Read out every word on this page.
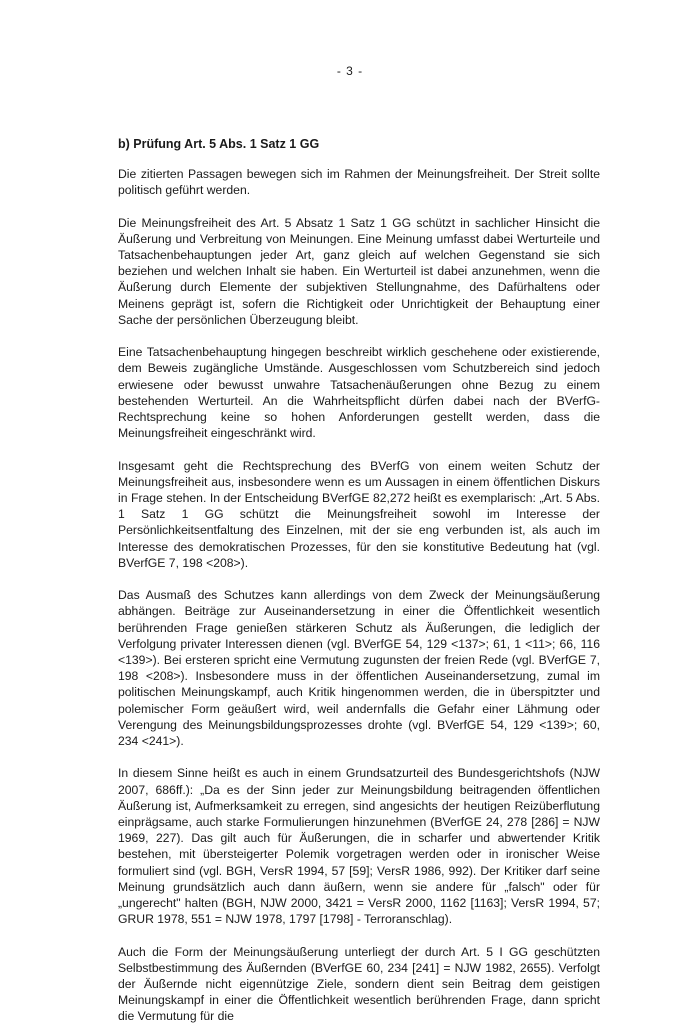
- 3 -
b) Prüfung Art. 5 Abs. 1 Satz 1 GG

Die zitierten Passagen bewegen sich im Rahmen der Meinungsfreiheit. Der Streit sollte politisch geführt werden.

Die Meinungsfreiheit des Art. 5 Absatz 1 Satz 1 GG schützt in sachlicher Hinsicht die Äußerung und Verbreitung von Meinungen. Eine Meinung umfasst dabei Werturteile und Tatsachenbehauptungen jeder Art, ganz gleich auf welchen Gegenstand sie sich beziehen und welchen Inhalt sie haben. Ein Werturteil ist dabei anzunehmen, wenn die Äußerung durch Elemente der subjektiven Stellungnahme, des Dafürhaltens oder Meinens geprägt ist, sofern die Richtigkeit oder Unrichtigkeit der Behauptung einer Sache der persönlichen Überzeugung bleibt.

Eine Tatsachenbehauptung hingegen beschreibt wirklich geschehene oder existierende, dem Beweis zugängliche Umstände. Ausgeschlossen vom Schutzbereich sind jedoch erwiesene oder bewusst unwahre Tatsachenäußerungen ohne Bezug zu einem bestehenden Werturteil. An die Wahrheitspflicht dürfen dabei nach der BVerfG-Rechtsprechung keine so hohen Anforderungen gestellt werden, dass die Meinungsfreiheit eingeschränkt wird.

Insgesamt geht die Rechtsprechung des BVerfG von einem weiten Schutz der Meinungsfreiheit aus, insbesondere wenn es um Aussagen in einem öffentlichen Diskurs in Frage stehen. In der Entscheidung BVerfGE 82,272 heißt es exemplarisch: „Art. 5 Abs. 1 Satz 1 GG schützt die Meinungsfreiheit sowohl im Interesse der Persönlichkeitsentfaltung des Einzelnen, mit der sie eng verbunden ist, als auch im Interesse des demokratischen Prozesses, für den sie konstitutive Bedeutung hat (vgl. BVerfGE 7, 198 <208>).

Das Ausmaß des Schutzes kann allerdings von dem Zweck der Meinungsäußerung abhängen. Beiträge zur Auseinandersetzung in einer die Öffentlichkeit wesentlich berührenden Frage genießen stärkeren Schutz als Äußerungen, die lediglich der Verfolgung privater Interessen dienen (vgl. BVerfGE 54, 129 <137>; 61, 1 <11>; 66, 116 <139>). Bei ersteren spricht eine Vermutung zugunsten der freien Rede (vgl. BVerfGE 7, 198 <208>). Insbesondere muss in der öffentlichen Auseinandersetzung, zumal im politischen Meinungskampf, auch Kritik hingenommen werden, die in überspitzter und polemischer Form geäußert wird, weil andernfalls die Gefahr einer Lähmung oder Verengung des Meinungsbildungsprozesses drohte (vgl. BVerfGE 54, 129 <139>; 60, 234 <241>).

In diesem Sinne heißt es auch in einem Grundsatzurteil des Bundesgerichtshofs (NJW 2007, 686ff.): „Da es der Sinn jeder zur Meinungsbildung beitragenden öffentlichen Äußerung ist, Aufmerksamkeit zu erregen, sind angesichts der heutigen Reizüberflutung einprägsame, auch starke Formulierungen hinzunehmen (BVerfGE 24, 278 [286] = NJW 1969, 227). Das gilt auch für Äußerungen, die in scharfer und abwertender Kritik bestehen, mit übersteigerter Polemik vorgetragen werden oder in ironischer Weise formuliert sind (vgl. BGH, VersR 1994, 57 [59]; VersR 1986, 992). Der Kritiker darf seine Meinung grundsätzlich auch dann äußern, wenn sie andere für „falsch" oder für „ungerecht" halten (BGH, NJW 2000, 3421 = VersR 2000, 1162 [1163]; VersR 1994, 57; GRUR 1978, 551 = NJW 1978, 1797 [1798] - Terroranschlag).

Auch die Form der Meinungsäußerung unterliegt der durch Art. 5 I GG geschützten Selbstbestimmung des Äußernden (BVerfGE 60, 234 [241] = NJW 1982, 2655). Verfolgt der Äußernde nicht eigennützige Ziele, sondern dient sein Beitrag dem geistigen Meinungskampf in einer die Öffentlichkeit wesentlich berührenden Frage, dann spricht die Vermutung für die
